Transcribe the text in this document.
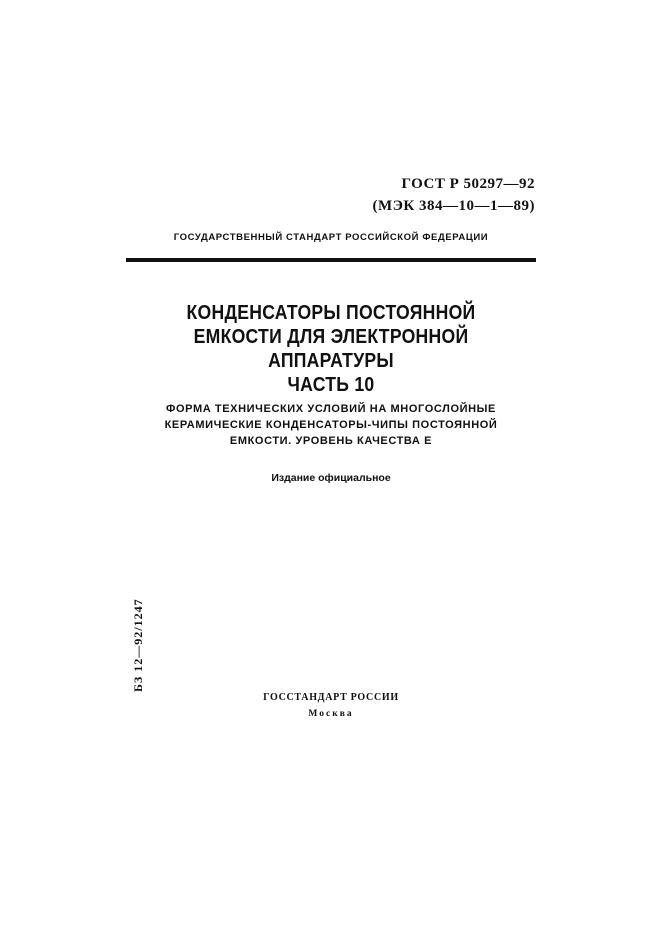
ГОСТ Р 50297—92
(МЭК 384—10—1—89)
ГОСУДАРСТВЕННЫЙ СТАНДАРТ РОССИЙСКОЙ ФЕДЕРАЦИИ
КОНДЕНСАТОРЫ ПОСТОЯННОЙ
ЕМКОСТИ ДЛЯ ЭЛЕКТРОННОЙ
АППАРАТУРЫ
ЧАСТЬ 10
ФОРМА ТЕХНИЧЕСКИХ УСЛОВИЙ НА МНОГОСЛОЙНЫЕ
КЕРАМИЧЕСКИЕ КОНДЕНСАТОРЫ-ЧИПЫ ПОСТОЯННОЙ
ЕМКОСТИ. УРОВЕНЬ КАЧЕСТВА Е
Издание официальное
БЗ 12—92/1247
ГОССТАНДАРТ РОССИИ
Москва
